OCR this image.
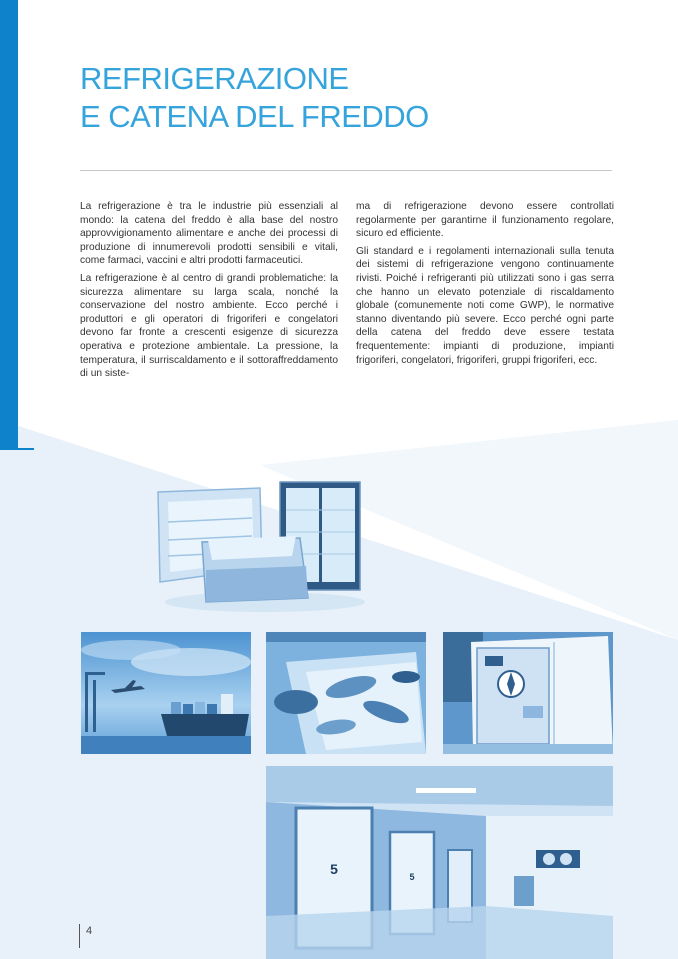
REFRIGERAZIONE
E CATENA DEL FREDDO

La refrigerazione è tra le industrie più essenziali al mondo: la catena del freddo è alla base del nostro approvvigionamento alimentare e anche dei processi di produzione di innumerevoli prodotti sensibili e vitali, come farmaci, vaccini e altri prodotti farmaceutici.

La refrigerazione è al centro di grandi problematiche: la sicurezza alimentare su larga scala, nonché la conservazione del nostro ambiente. Ecco perché i produttori e gli operatori di frigoriferi e congelatori devono far fronte a crescenti esigenze di sicurezza operativa e protezione ambientale. La pressione, la temperatura, il surriscaldamento e il sottoraffreddamento di un siste-

ma di refrigerazione devono essere controllati regolarmente per garantirne il funzionamento regolare, sicuro ed efficiente.

Gli standard e i regolamenti internazionali sulla tenuta dei sistemi di refrigerazione vengono continuamente rivisti. Poiché i refrigeranti più utilizzati sono i gas serra che hanno un elevato potenziale di riscaldamento globale (comunemente noti come GWP), le normative stanno diventando più severe. Ecco perché ogni parte della catena del freddo deve essere testata frequentemente: impianti di produzione, impianti frigoriferi, congelatori, frigoriferi, gruppi frigoriferi, ecc.

5	5
4
